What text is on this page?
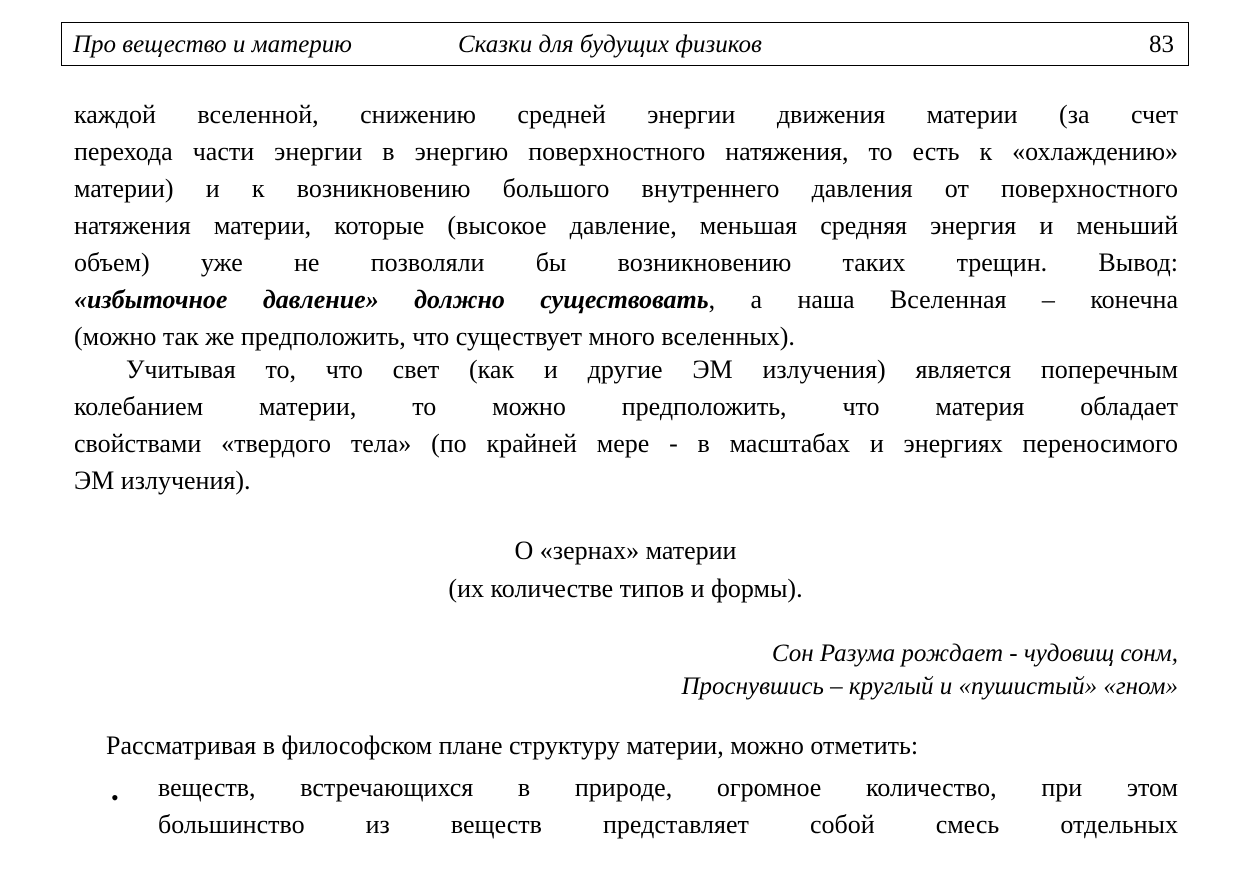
Про вещество и материю	Сказки для будущих физиков	83
каждой вселенной, снижению средней энергии движения материи (за счет
перехода части энергии в энергию поверхностного натяжения, то есть к «охлаждению»
материи) и к возникновению большого внутреннего давления от поверхностного
натяжения материи, которые (высокое давление, меньшая средняя энергия и меньший
объем) уже не позволяли бы возникновению таких трещин. Вывод:
«избыточное давление» должно существовать, а наша Вселенная – конечна
(можно так же предположить, что существует много вселенных).
Учитывая то, что свет (как и другие ЭМ излучения) является поперечным
колебанием материи, то можно предположить, что материя обладает
свойствами «твердого тела» (по крайней мере - в масштабах и энергиях переносимого
ЭМ излучения).
О «зернах» материи
(их количестве типов и формы).
Сон Разума рождает - чудовищ сонм,
Проснувшись – круглый и «пушистый» «гном»
Рассматривая в философском плане структуру материи, можно отметить:
• веществ, встречающихся в природе, огромное количество, при этом
большинство из веществ представляет собой смесь отдельных
